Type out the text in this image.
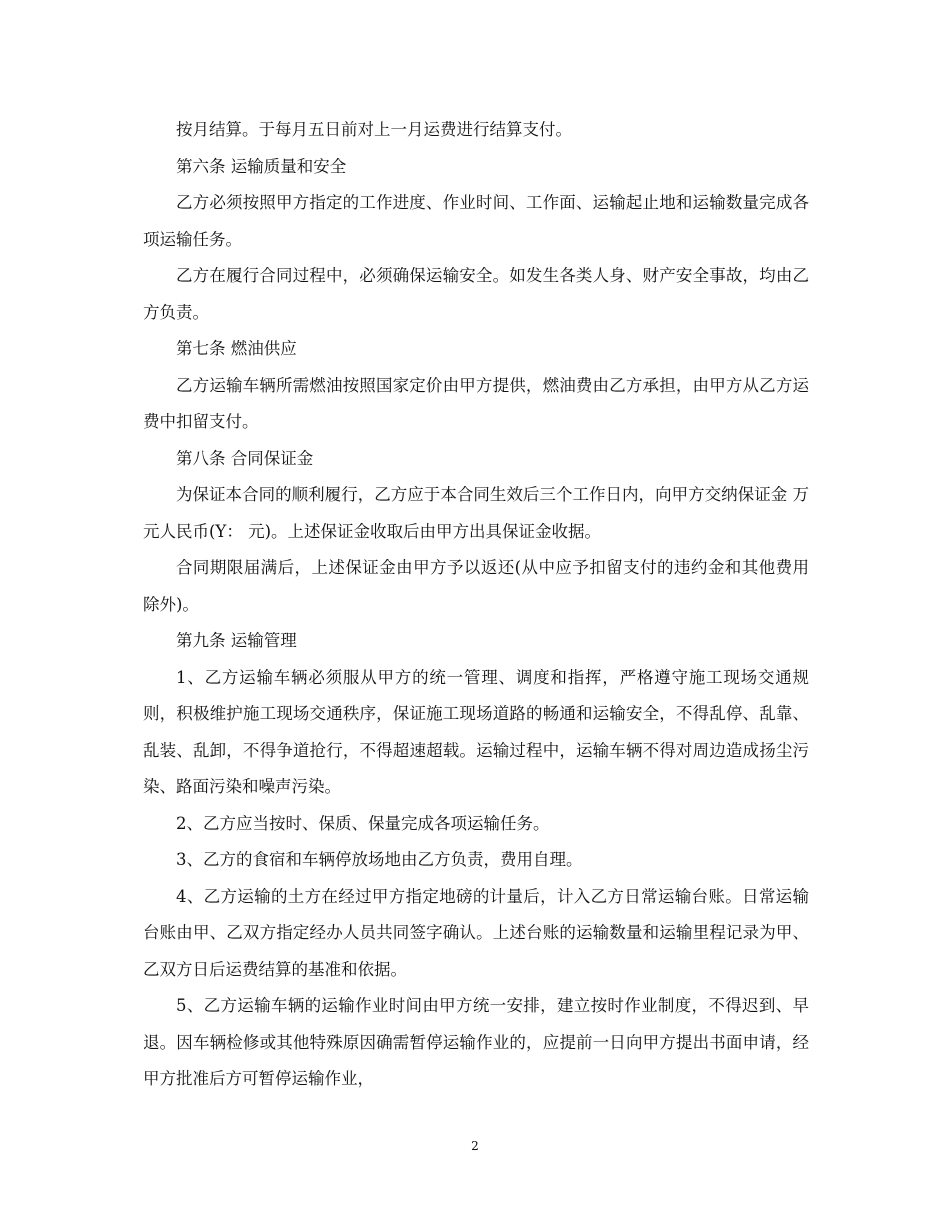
按月结算。于每月五日前对上一月运费进行结算支付。

第六条 运输质量和安全

乙方必须按照甲方指定的工作进度、作业时间、工作面、运输起止地和运输数量完成各项运输任务。

乙方在履行合同过程中，必须确保运输安全。如发生各类人身、财产安全事故，均由乙方负责。

第七条 燃油供应

乙方运输车辆所需燃油按照国家定价由甲方提供，燃油费由乙方承担，由甲方从乙方运费中扣留支付。

第八条 合同保证金

为保证本合同的顺利履行，乙方应于本合同生效后三个工作日内，向甲方交纳保证金 万元人民币(Y： 元)。上述保证金收取后由甲方出具保证金收据。

合同期限届满后，上述保证金由甲方予以返还(从中应予扣留支付的违约金和其他费用除外)。

第九条 运输管理

1、乙方运输车辆必须服从甲方的统一管理、调度和指挥，严格遵守施工现场交通规则，积极维护施工现场交通秩序，保证施工现场道路的畅通和运输安全，不得乱停、乱靠、乱装、乱卸，不得争道抢行，不得超速超载。运输过程中，运输车辆不得对周边造成扬尘污染、路面污染和噪声污染。

2、乙方应当按时、保质、保量完成各项运输任务。

3、乙方的食宿和车辆停放场地由乙方负责，费用自理。

4、乙方运输的土方在经过甲方指定地磅的计量后，计入乙方日常运输台账。日常运输台账由甲、乙双方指定经办人员共同签字确认。上述台账的运输数量和运输里程记录为甲、乙双方日后运费结算的基准和依据。

5、乙方运输车辆的运输作业时间由甲方统一安排，建立按时作业制度，不得迟到、早退。因车辆检修或其他特殊原因确需暂停运输作业的，应提前一日向甲方提出书面申请，经甲方批准后方可暂停运输作业，

2
